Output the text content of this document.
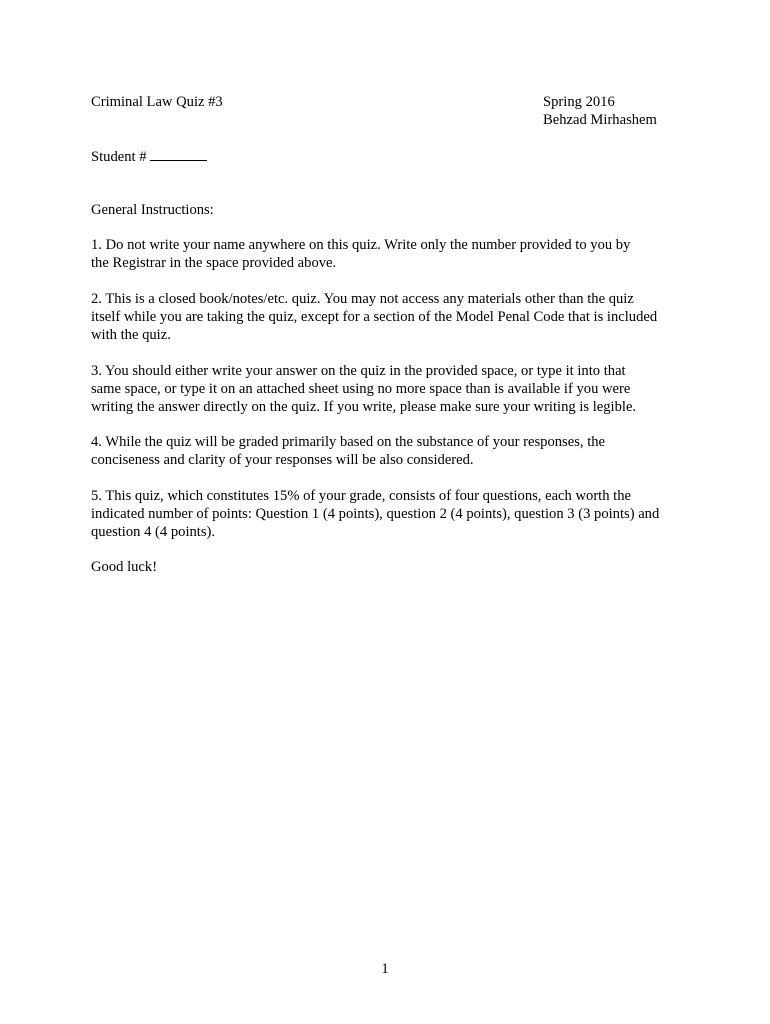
Criminal Law Quiz #3	Spring 2016
Behzad Mirhashem
Student #
General Instructions:
1. Do not write your name anywhere on this quiz. Write only the number provided to you by
the Registrar in the space provided above.
2. This is a closed book/notes/etc. quiz. You may not access any materials other than the quiz
itself while you are taking the quiz, except for a section of the Model Penal Code that is included
with the quiz.
3. You should either write your answer on the quiz in the provided space, or type it into that
same space, or type it on an attached sheet using no more space than is available if you were
writing the answer directly on the quiz. If you write, please make sure your writing is legible.
4. While the quiz will be graded primarily based on the substance of your responses, the
conciseness and clarity of your responses will be also considered.
5. This quiz, which constitutes 15% of your grade, consists of four questions, each worth the
indicated number of points: Question 1 (4 points), question 2 (4 points), question 3 (3 points) and
question 4 (4 points).
Good luck!
1
